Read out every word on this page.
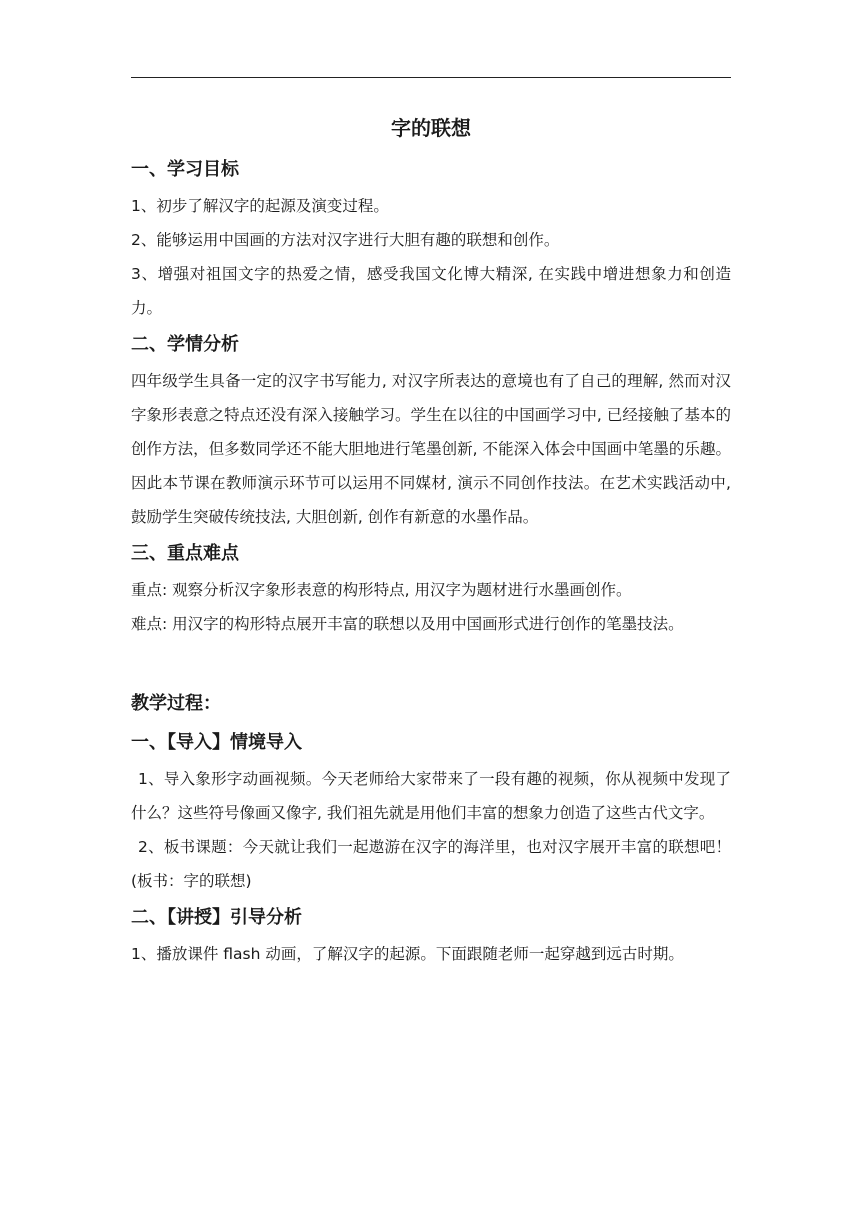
字的联想
一、学习目标

1、初步了解汉字的起源及演变过程。

2、能够运用中国画的方法对汉字进行大胆有趣的联想和创作。

3、增强对祖国文字的热爱之情，感受我国文化博大精深, 在实践中增进想象力和创造力。

二、学情分析

四年级学生具备一定的汉字书写能力, 对汉字所表达的意境也有了自己的理解, 然而对汉字象形表意之特点还没有深入接触学习。学生在以往的中国画学习中, 已经接触了基本的创作方法，但多数同学还不能大胆地进行笔墨创新, 不能深入体会中国画中笔墨的乐趣。因此本节课在教师演示环节可以运用不同媒材, 演示不同创作技法。在艺术实践活动中, 鼓励学生突破传统技法, 大胆创新, 创作有新意的水墨作品。

三、重点难点

重点: 观察分析汉字象形表意的构形特点, 用汉字为题材进行水墨画创作。

难点: 用汉字的构形特点展开丰富的联想以及用中国画形式进行创作的笔墨技法。

教学过程：
一、【导入】情境导入

1、导入象形字动画视频。今天老师给大家带来了一段有趣的视频，你从视频中发现了什么？这些符号像画又像字, 我们祖先就是用他们丰富的想象力创造了这些古代文字。

2、板书课题：今天就让我们一起遨游在汉字的海洋里，也对汉字展开丰富的联想吧！ (板书：字的联想)

二、【讲授】引导分析

1、播放课件 flash 动画，了解汉字的起源。下面跟随老师一起穿越到远古时期。
